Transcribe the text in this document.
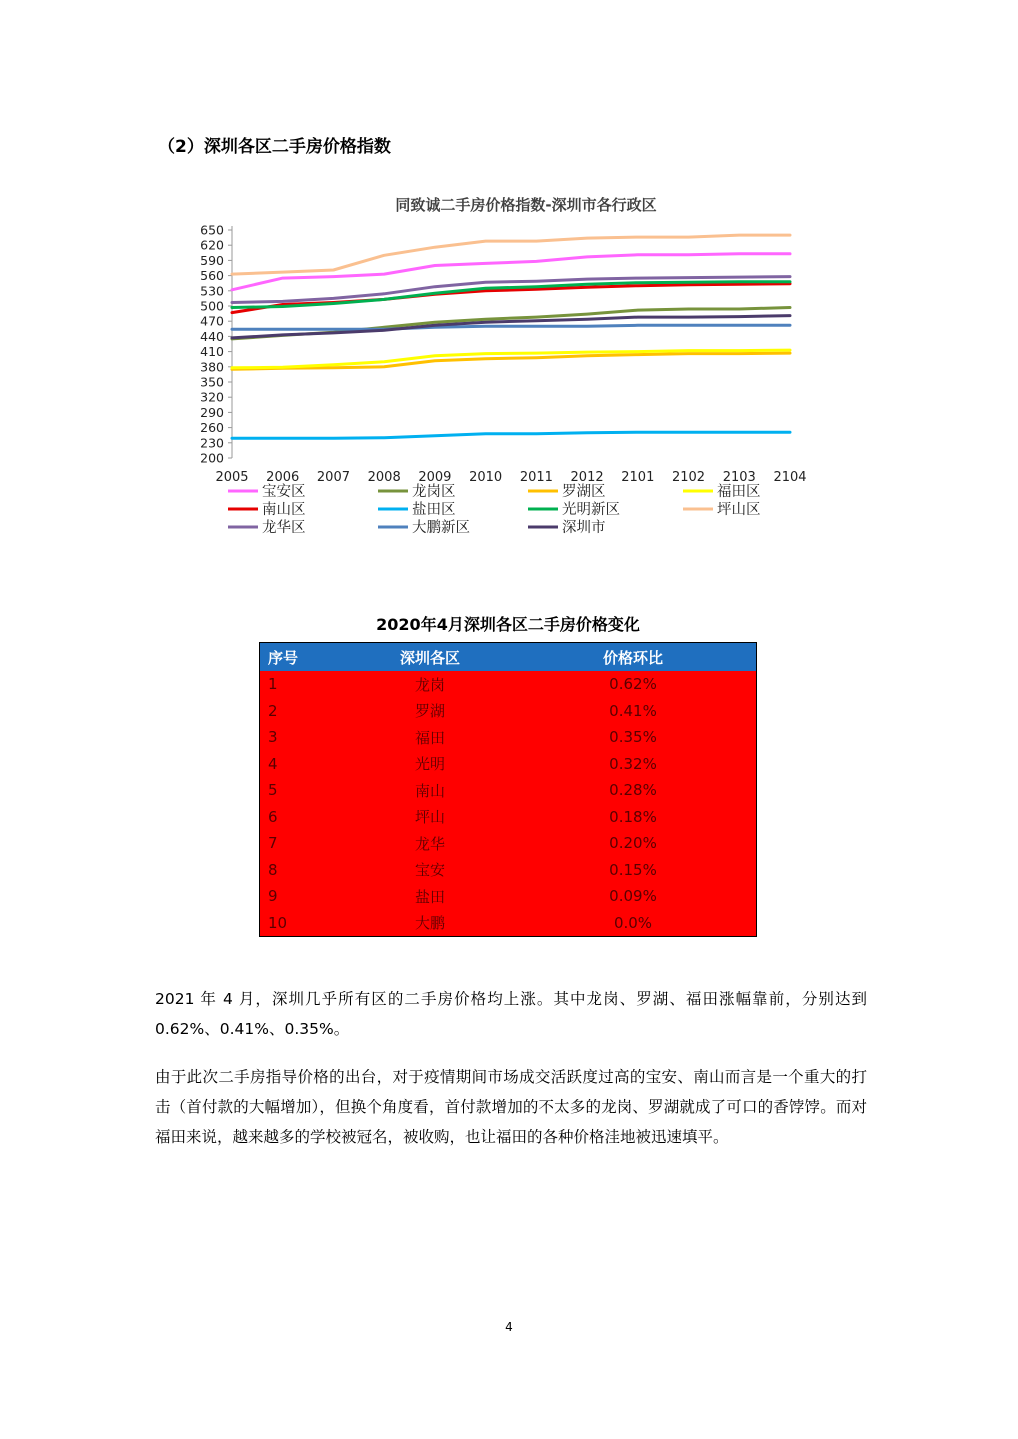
（2）深圳各区二手房价格指数
同致诚二手房价格指数-深圳市各行政区
200
230
260
290
320
350
380
410
440
470
500
530
560
590
620
650
2005 2006 2007 2008 2009 2010 2011 2012 2101 2102 2103 2104
宝安区	龙岗区	罗湖区	福田区
南山区	盐田区	光明新区	坪山区
龙华区	大鹏新区	深圳市
2020年4月深圳各区二手房价格变化
序号	深圳各区	价格环比
1	龙岗	0.62%
2	罗湖	0.41%
3	福田	0.35%
4	光明	0.32%
5	南山	0.28%
6	坪山	0.18%
7	龙华	0.20%
8	宝安	0.15%
9	盐田	0.09%
10	大鹏	0.0%

2021 年 4 月，深圳几乎所有区的二手房价格均上涨。其中龙岗、罗湖、福田涨幅靠前，分别达到 0.62%、0.41%、0.35%。

由于此次二手房指导价格的出台，对于疫情期间市场成交活跃度过高的宝安、南山而言是一个重大的打击（首付款的大幅增加），但换个角度看，首付款增加的不太多的龙岗、罗湖就成了可口的香饽饽。而对福田来说，越来越多的学校被冠名，被收购，也让福田的各种价格洼地被迅速填平。

4
